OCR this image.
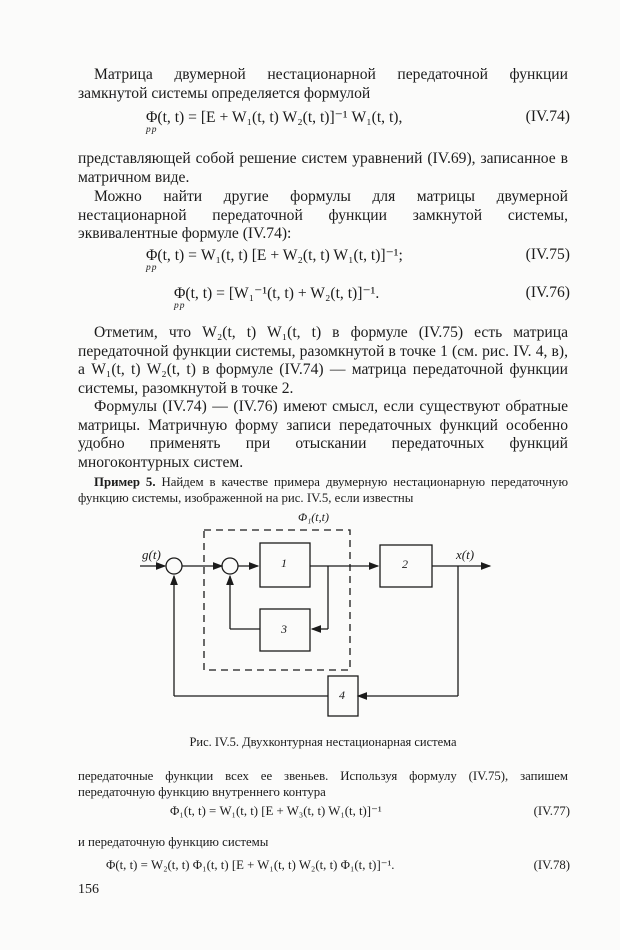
Матрица двумерной нестационарной передаточной функции замкнутой системы определяется формулой
Φ(t, t) = [E + W₁(t, t) W₂(t, t)]⁻¹ W₁(t, t),
pp
(IV.74)
представляющей собой решение систем уравнений (IV.69), записанное в матричном виде.
Можно найти другие формулы для матрицы двумерной нестационарной передаточной функции замкнутой системы, эквивалентные формуле (IV.74):
Φ(t, t) = W₁(t, t) [E + W₂(t, t) W₁(t, t)]⁻¹;
pp
(IV.75)
Φ(t, t) = [W₁⁻¹(t, t) + W₂(t, t)]⁻¹.
pp
(IV.76)
Отметим, что W₂(t, t) W₁(t, t) в формуле (IV.75) есть матрица передаточной функции системы, разомкнутой в точке 1 (см. рис. IV. 4, в), а W₁(t, t) W₂(t, t) в формуле (IV.74) — матрица передаточной функции системы, разомкнутой в точке 2.
Формулы (IV.74) — (IV.76) имеют смысл, если существуют обратные матрицы. Матричную форму записи передаточных функций особенно удобно применять при отыскании передаточных функций многоконтурных систем.
Пример 5. Найдем в качестве примера двумерную нестационарную передаточную функцию системы, изображенной на рис. IV.5, если известны
g(t)	x(t)
Φ₁(t,t)
1	2
3
4
Рис. IV.5. Двухконтурная нестационарная система
передаточные функции всех ее звеньев. Используя формулу (IV.75), запишем передаточную функцию внутреннего контура
Φ₁(t, t) = W₁(t, t) [E + W₃(t, t) W₁(t, t)]⁻¹	(IV.77)
и передаточную функцию системы
Φ(t, t) = W₂(t, t) Φ₁(t, t) [E + W₁(t, t) W₂(t, t) Φ₁(t, t)]⁻¹.	(IV.78)
156
